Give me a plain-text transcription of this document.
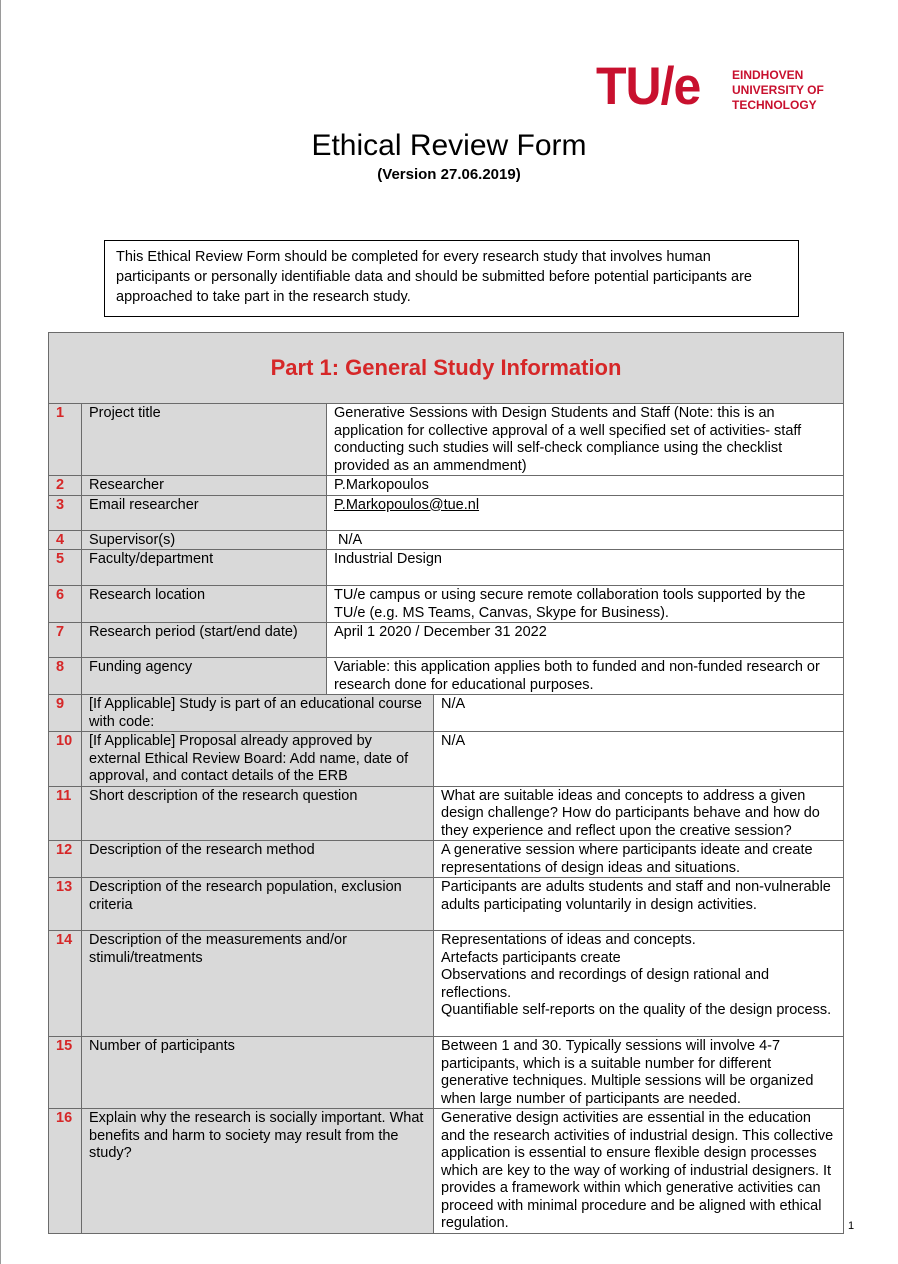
TU/e	EINDHOVEN
UNIVERSITY OF
TECHNOLOGY
Ethical Review Form
(Version 27.06.2019)
This Ethical Review Form should be completed for every research study that involves human participants or personally identifiable data and should be submitted before potential participants are approached to take part in the research study.
Part 1: General Study Information			
1	Project title	Generative Sessions with Design Students and Staff (Note: this is an application for collective approval of a well specified set of activities- staff conducting such studies will self-check compliance using the checklist provided as an ammendment)	
2	Researcher	P.Markopoulos	
3	Email researcher	P.Markopoulos@tue.nl	
4	Supervisor(s)	N/A	
5	Faculty/department	Industrial Design	
6	Research location	TU/e campus or using secure remote collaboration tools supported by the TU/e (e.g. MS Teams, Canvas, Skype for Business).	
7	Research period (start/end date)	April 1 2020 / December 31 2022	
8	Funding agency	Variable: this application applies both to funded and non-funded research or research done for educational purposes.	
9	[If Applicable] Study is part of an educational course with code:		N/A
10	[If Applicable] Proposal already approved by external Ethical Review Board: Add name, date of approval, and contact details of the ERB		N/A
11	Short description of the research question		What are suitable ideas and concepts to address a given design challenge? How do participants behave and how do they experience and reflect upon the creative session?
12	Description of the research method		A generative session where participants ideate and create representations of design ideas and situations.
13	Description of the research population, exclusion criteria		Participants are adults students and staff and non-vulnerable adults participating voluntarily in design activities.
14	Description of the measurements and/or stimuli/treatments		Representations of ideas and concepts.
Artefacts participants create
Observations and recordings of design rational and reflections.
Quantifiable self-reports on the quality of the design process.

15	Number of participants		Between 1 and 30. Typically sessions will involve 4-7 participants, which is a suitable number for different generative techniques. Multiple sessions will be organized when large number of participants are needed.
16	Explain why the research is socially important. What benefits and harm to society may result from the study?		Generative design activities are essential in the education and the research activities of industrial design. This collective application is essential to ensure flexible design processes which are key to the way of working of industrial designers. It provides a framework within which generative activities can proceed with minimal procedure and be aligned with ethical regulation.	1
